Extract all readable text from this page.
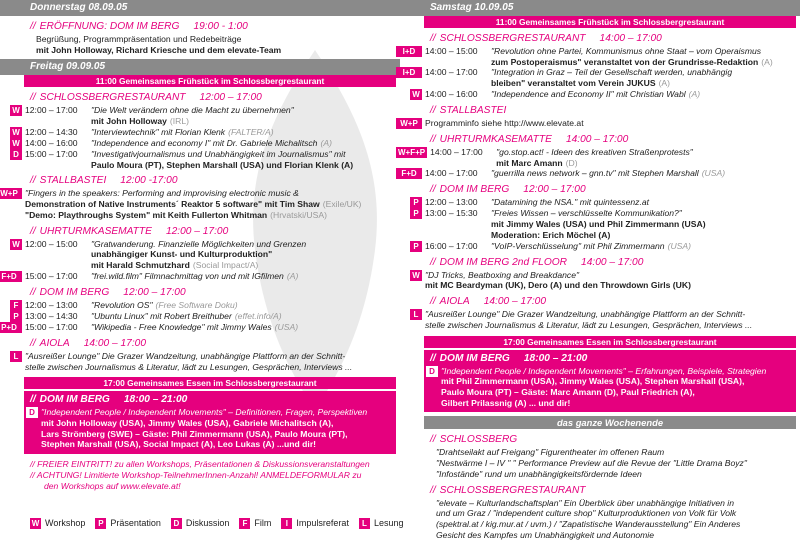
Donnerstag 08.09.05
// ERÖFFNUNG: DOM IM BERG 19:00 - 1:00
Begrüßung, Programmpräsentation und Redebeiträge
mit John Holloway, Richard Kriesche und dem elevate-Team
Freitag 09.09.05
11:00 Gemeinsames Frühstück im Schlossbergrestaurant
// SCHLOSSBERGRESTAURANT 12:00 – 17:00
W 12:00 – 17:00	"Die Welt verändern ohne die Macht zu übernehmen"
mit John Holloway (IRL)
W 12:00 – 14:30	"Interviewtechnik" mit Florian Klenk (FALTER/A)
W 14:00 – 16:00	"Independence and economy I" mit Dr. Gabriele Michalitsch (A)
D 15:00 – 17:00	"Investigativjournalismus und Unabhängigkeit im Journalismus" mit
Paulo Moura (PT), Stephen Marshall (USA) und Florian Klenk (A)
// STALLBASTEI 12:00 -17:00
W+P "Fingers in the speakers: Performing and improvising electronic music &
Demonstration of Native Instruments´ Reaktor 5 software" mit Tim Shaw (Exile/UK)
"Demo: Playthroughs System" mit Keith Fullerton Whitman (Hrvatski/USA)
// UHRTURMKASEMATTE 12:00 – 17:00
W 12:00 – 15:00	"Gratwanderung. Finanzielle Möglichkeiten und Grenzen
unabhängiger Kunst- und Kulturproduktion"
mit Harald Schmutzhard (Social Impact/A)
F+D 15:00 – 17:00	"frei.wild.film" Filmnachmittag von und mit IGfilmen (A)
// DOM IM BERG 12:00 – 17:00
F 12:00 – 13:00	"Revolution OS" (Free Software Doku)
P 13:00 – 14:30	"Ubuntu Linux" mit Robert Breithuber (effet.info/A)
P+D 15:00 – 17:00	"Wikipedia - Free Knowledge" mit Jimmy Wales (USA)
// AIOLA 14:00 – 17:00
L "Ausreißer Lounge" Die Grazer Wandzeitung, unabhängige Plattform an der Schnitt-
stelle zwischen Journalismus & Literatur, lädt zu Lesungen, Gesprächen, Interviews ...
17:00 Gemeinsames Essen im Schlossbergrestaurant
// DOM IM BERG 18:00 – 21:00
D "Independent People / Independent Movements" – Definitionen, Fragen, Perspektiven
mit John Holloway (USA), Jimmy Wales (USA), Gabriele Michalitsch (A),
Lars Strömberg (SWE) – Gäste: Phil Zimmermann (USA), Paulo Moura (PT),
Stephen Marshall (USA), Social Impact (A), Leo Lukas (A) ...und dir!
// FREIER EINTRITT! zu allen Workshops, Präsentationen & Diskussionsveranstaltungen
// ACHTUNG! Limitierte Workshop-TeilnehmerInnen-Anzahl! ANMELDEFORMULAR zu
den Workshops auf www.elevate.at!
W Workshop	P Präsentation	D Diskussion	F Film	I Impulsreferat	L Lesung
Samstag 10.09.05
11:00 Gemeinsames Frühstück im Schlossbergrestaurant
// SCHLOSSBERGRESTAURANT 14:00 – 17:00
I+D	14:00 – 15:00	"Revolution ohne Partei, Kommunismus ohne Staat – vom Operaismus
zum Postoperaismus" veranstaltet von der Grundrisse-Redaktion (A)
I+D	14:00 – 17:00	"Integration in Graz – Teil der Gesellschaft werden, unabhängig
bleiben" veranstaltet vom Verein JUKUS (A)
W 14:00 – 16:00	"Independence and Economy II" mit Christian Wabl (A)
// STALLBASTEI
W+P Programminfo siehe http://www.elevate.at
// UHRTURMKASEMATTE 14:00 – 17:00
W+F+P 14:00 – 17:00	"go.stop.act! - Ideen des kreativen Straßenprotests"
mit Marc Amann (D)
F+D 14:00 – 17:00	"guerrilla news network – gnn.tv" mit Stephen Marshall (USA)
// DOM IM BERG 12:00 – 17:00
P 12:00 – 13:00	"Datamining the NSA." mit quintessenz.at
P 13:00 – 15:30	"Freies Wissen – verschlüsselte Kommunikation?"
mit Jimmy Wales (USA) und Phil Zimmermann (USA)
Moderation: Erich Möchel (A)
P 16:00 – 17:00	"VoIP-Verschlüsselung" mit Phil Zimmermann (USA)
// DOM IM BERG 2nd FLOOR 14:00 – 17:00
W "DJ Tricks, Beatboxing and Breakdance"
mit MC Beardyman (UK), Dero (A) und den Throwdown Girls (UK)
// AIOLA 14:00 – 17:00
L "Ausreißer Lounge" Die Grazer Wandzeitung, unabhängige Plattform an der Schnitt-
stelle zwischen Journalismus & Literatur, lädt zu Lesungen, Gesprächen, Interviews ...
17:00 Gemeinsames Essen im Schlossbergrestaurant
// DOM IM BERG 18:00 – 21:00
D "Independent People / Independent Movements" – Erfahrungen, Beispiele, Strategien
mit Phil Zimmermann (USA), Jimmy Wales (USA), Stephen Marshall (USA),
Paulo Moura (PT) – Gäste: Marc Amann (D), Paul Friedrich (A),
Gilbert Prilassnig (A) ... und dir!
das ganze Wochenende
// SCHLOSSBERG
"Drahtseilakt auf Freigang" Figurentheater im offenen Raum
"Nestwärme I – IV " " Performance Preview auf die Revue der "Little Drama Boyz"
"Infostände" rund um unabhängigkeitsfördernde Ideen
// SCHLOSSBERGRESTAURANT
"elevate – Kulturlandschaftsplan" Ein Überblick über unabhängige Initiativen in
und um Graz / "independent culture shop" Kulturproduktionen von Volk für Volk
(spektral.at / kig.mur.at / uvm.) / "Zapatistische Wanderausstellung" Ein Anderes
Gesicht des Kampfes um Unabhängigkeit und Autonomie
